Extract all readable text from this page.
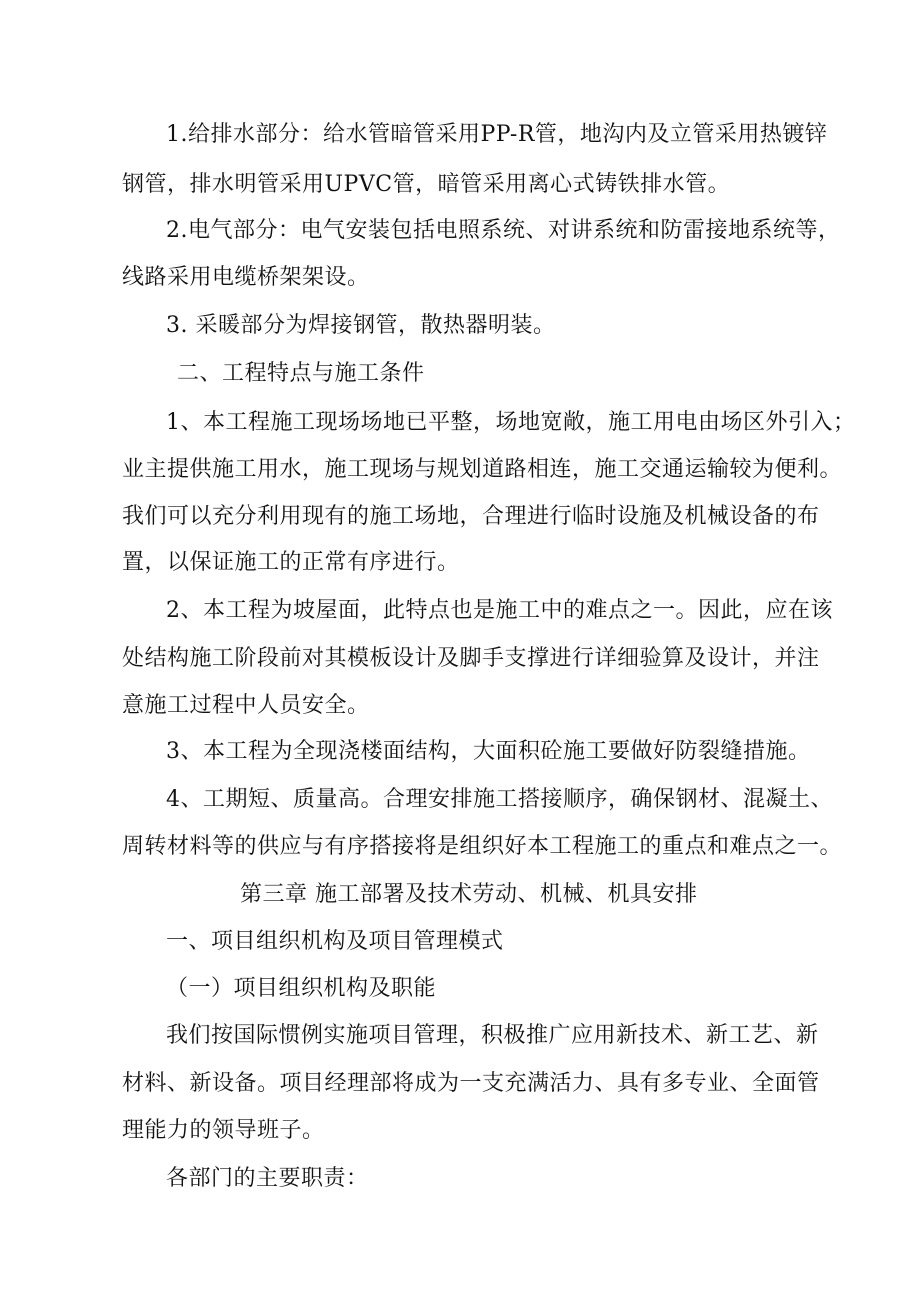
1.给排水部分：给水管暗管采用PP-R管，地沟内及立管采用热镀锌
钢管，排水明管采用UPVC管，暗管采用离心式铸铁排水管。
2.电气部分：电气安装包括电照系统、对讲系统和防雷接地系统等，
线路采用电缆桥架架设。
3. 采暖部分为焊接钢管，散热器明装。
二、工程特点与施工条件
1、本工程施工现场场地已平整，场地宽敞，施工用电由场区外引入；
业主提供施工用水，施工现场与规划道路相连，施工交通运输较为便利。
我们可以充分利用现有的施工场地，合理进行临时设施及机械设备的布
置，以保证施工的正常有序进行。
2、本工程为坡屋面，此特点也是施工中的难点之一。因此，应在该
处结构施工阶段前对其模板设计及脚手支撑进行详细验算及设计，并注
意施工过程中人员安全。
3、本工程为全现浇楼面结构，大面积砼施工要做好防裂缝措施。
4、工期短、质量高。合理安排施工搭接顺序，确保钢材、混凝土、
周转材料等的供应与有序搭接将是组织好本工程施工的重点和难点之一。
第三章 施工部署及技术劳动、机械、机具安排
一、项目组织机构及项目管理模式
（一）项目组织机构及职能
我们按国际惯例实施项目管理，积极推广应用新技术、新工艺、新
材料、新设备。项目经理部将成为一支充满活力、具有多专业、全面管
理能力的领导班子。
各部门的主要职责：
